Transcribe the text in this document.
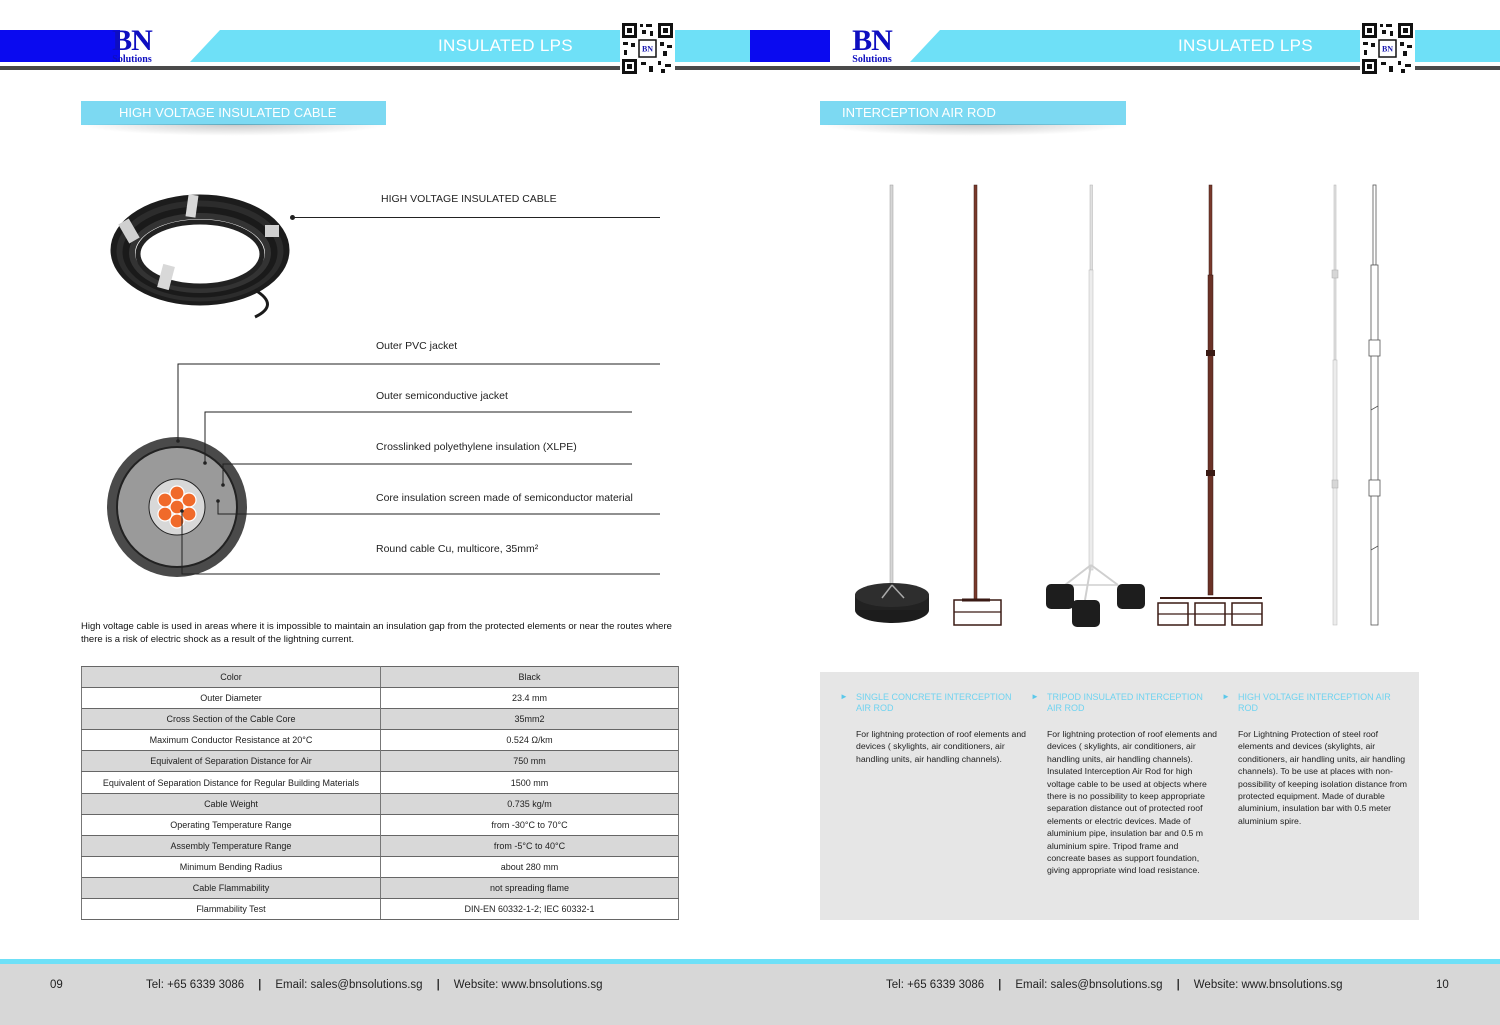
BN
Solutions
INSULATED LPS	BN
HIGH VOLTAGE INSULATED CABLE
HIGH VOLTAGE INSULATED CABLE
Outer PVC jacket
Outer semiconductive jacket
Crosslinked polyethylene insulation (XLPE)
Core insulation screen made of semiconductor material
Round cable Cu, multicore, 35mm²
High voltage cable is used in areas where it is impossible to maintain an insulation gap from the protected elements or near the routes where there is a risk of electric shock as a result of the lightning current.
Color	Black
Outer Diameter	23.4 mm
Cross Section of the Cable Core	35mm2
Maximum Conductor Resistance at 20°C	0.524 Ω/km
Equivalent of Separation Distance for Air	750 mm
Equivalent of Separation Distance for Regular Building Materials	1500 mm
Cable Weight	0.735 kg/m
Operating Temperature Range	from -30°C to 70°C
Assembly Temperature Range	from -5°C to 40°C
Minimum Bending Radius	about 280 mm
Cable Flammability	not spreading flame
Flammability Test	DIN-EN 60332-1-2; IEC 60332-1
09	Tel: +65 6339 3086 | Email: sales@bnsolutions.sg | Website: www.bnsolutions.sg
BN
Solutions
INSULATED LPS	BN
INTERCEPTION AIR ROD
► SINGLE CONCRETE INTERCEPTION AIR ROD
For lightning protection of roof elements and devices ( skylights, air conditioners, air handling units, air handling channels).
► TRIPOD INSULATED INTERCEPTION AIR ROD
For lightning protection of roof elements and devices ( skylights, air conditioners, air handling units, air handling channels). Insulated Interception Air Rod for high voltage cable to be used at objects where there is no possibility to keep appropriate separation distance out of protected roof elements or electric devices. Made of aluminium pipe, insulation bar and 0.5 m aluminium spire. Tripod frame and concreate bases as support foundation, giving appropriate wind load resistance.
► HIGH VOLTAGE INTERCEPTION AIR ROD
For Lightning Protection of steel roof elements and devices (skylights, air conditioners, air handling units, air handling channels). To be use at places with non-possibility of keeping isolation distance from protected equipment. Made of durable aluminium, insulation bar with 0.5 meter aluminium spire.
Tel: +65 6339 3086 | Email: sales@bnsolutions.sg | Website: www.bnsolutions.sg	10
